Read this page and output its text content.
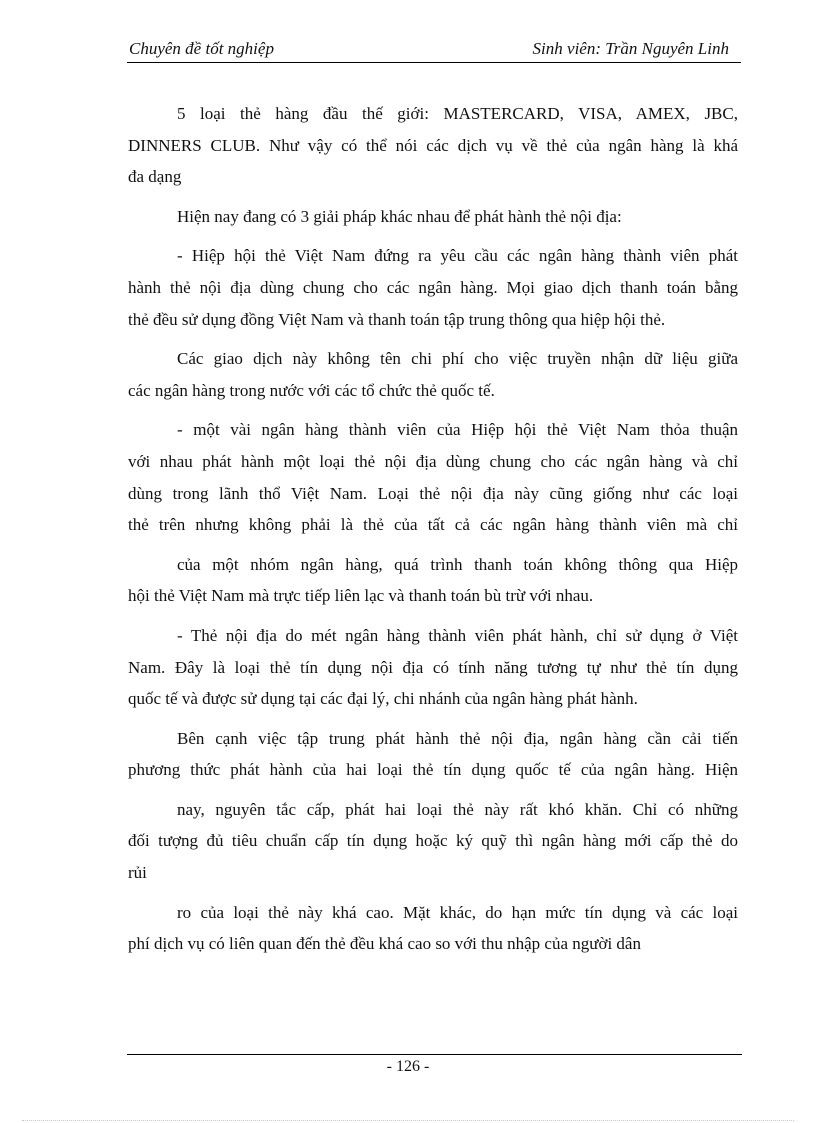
Chuyên đề tốt nghiệp	Sinh viên: Trần Nguyên Linh

5 loại thẻ hàng đầu thế giới: MASTERCARD, VISA, AMEX, JBC,
DINNERS CLUB. Như vậy có thể nói các dịch vụ về thẻ của ngân hàng là khá
đa dạng

Hiện nay đang có 3 giải pháp khác nhau để phát hành thẻ nội địa:

- Hiệp hội thẻ Việt Nam đứng ra yêu cầu các ngân hàng thành viên phát
hành thẻ nội địa dùng chung cho các ngân hàng. Mọi giao dịch thanh toán bằng
thẻ đều sử dụng đồng Việt Nam và thanh toán tập trung thông qua hiệp hội thẻ.

Các giao dịch này không tên chi phí cho việc truyền nhận dữ liệu giữa
các ngân hàng trong nước với các tổ chức thẻ quốc tế.

- một vài ngân hàng thành viên của Hiệp hội thẻ Việt Nam thỏa thuận
với nhau phát hành một loại thẻ nội địa dùng chung cho các ngân hàng và chỉ
dùng trong lãnh thổ Việt Nam. Loại thẻ nội địa này cũng giống như các loại
thẻ trên nhưng không phải là thẻ của tất cả các ngân hàng thành viên mà chỉ

của một nhóm ngân hàng, quá trình thanh toán không thông qua Hiệp
hội thẻ Việt Nam mà trực tiếp liên lạc và thanh toán bù trừ với nhau.

- Thẻ nội địa do mét ngân hàng thành viên phát hành, chỉ sử dụng ở Việt
Nam. Đây là loại thẻ tín dụng nội địa có tính năng tương tự như thẻ tín dụng
quốc tế và được sử dụng tại các đại lý, chi nhánh của ngân hàng phát hành.

Bên cạnh việc tập trung phát hành thẻ nội địa, ngân hàng cần cải tiến
phương thức phát hành của hai loại thẻ tín dụng quốc tế của ngân hàng. Hiện

nay, nguyên tắc cấp, phát hai loại thẻ này rất khó khăn. Chỉ có những
đối tượng đủ tiêu chuẩn cấp tín dụng hoặc ký quỹ thì ngân hàng mới cấp thẻ do
rủi

ro của loại thẻ này khá cao. Mặt khác, do hạn mức tín dụng và các loại
phí dịch vụ có liên quan đến thẻ đều khá cao so với thu nhập của người dân

- 126 -
